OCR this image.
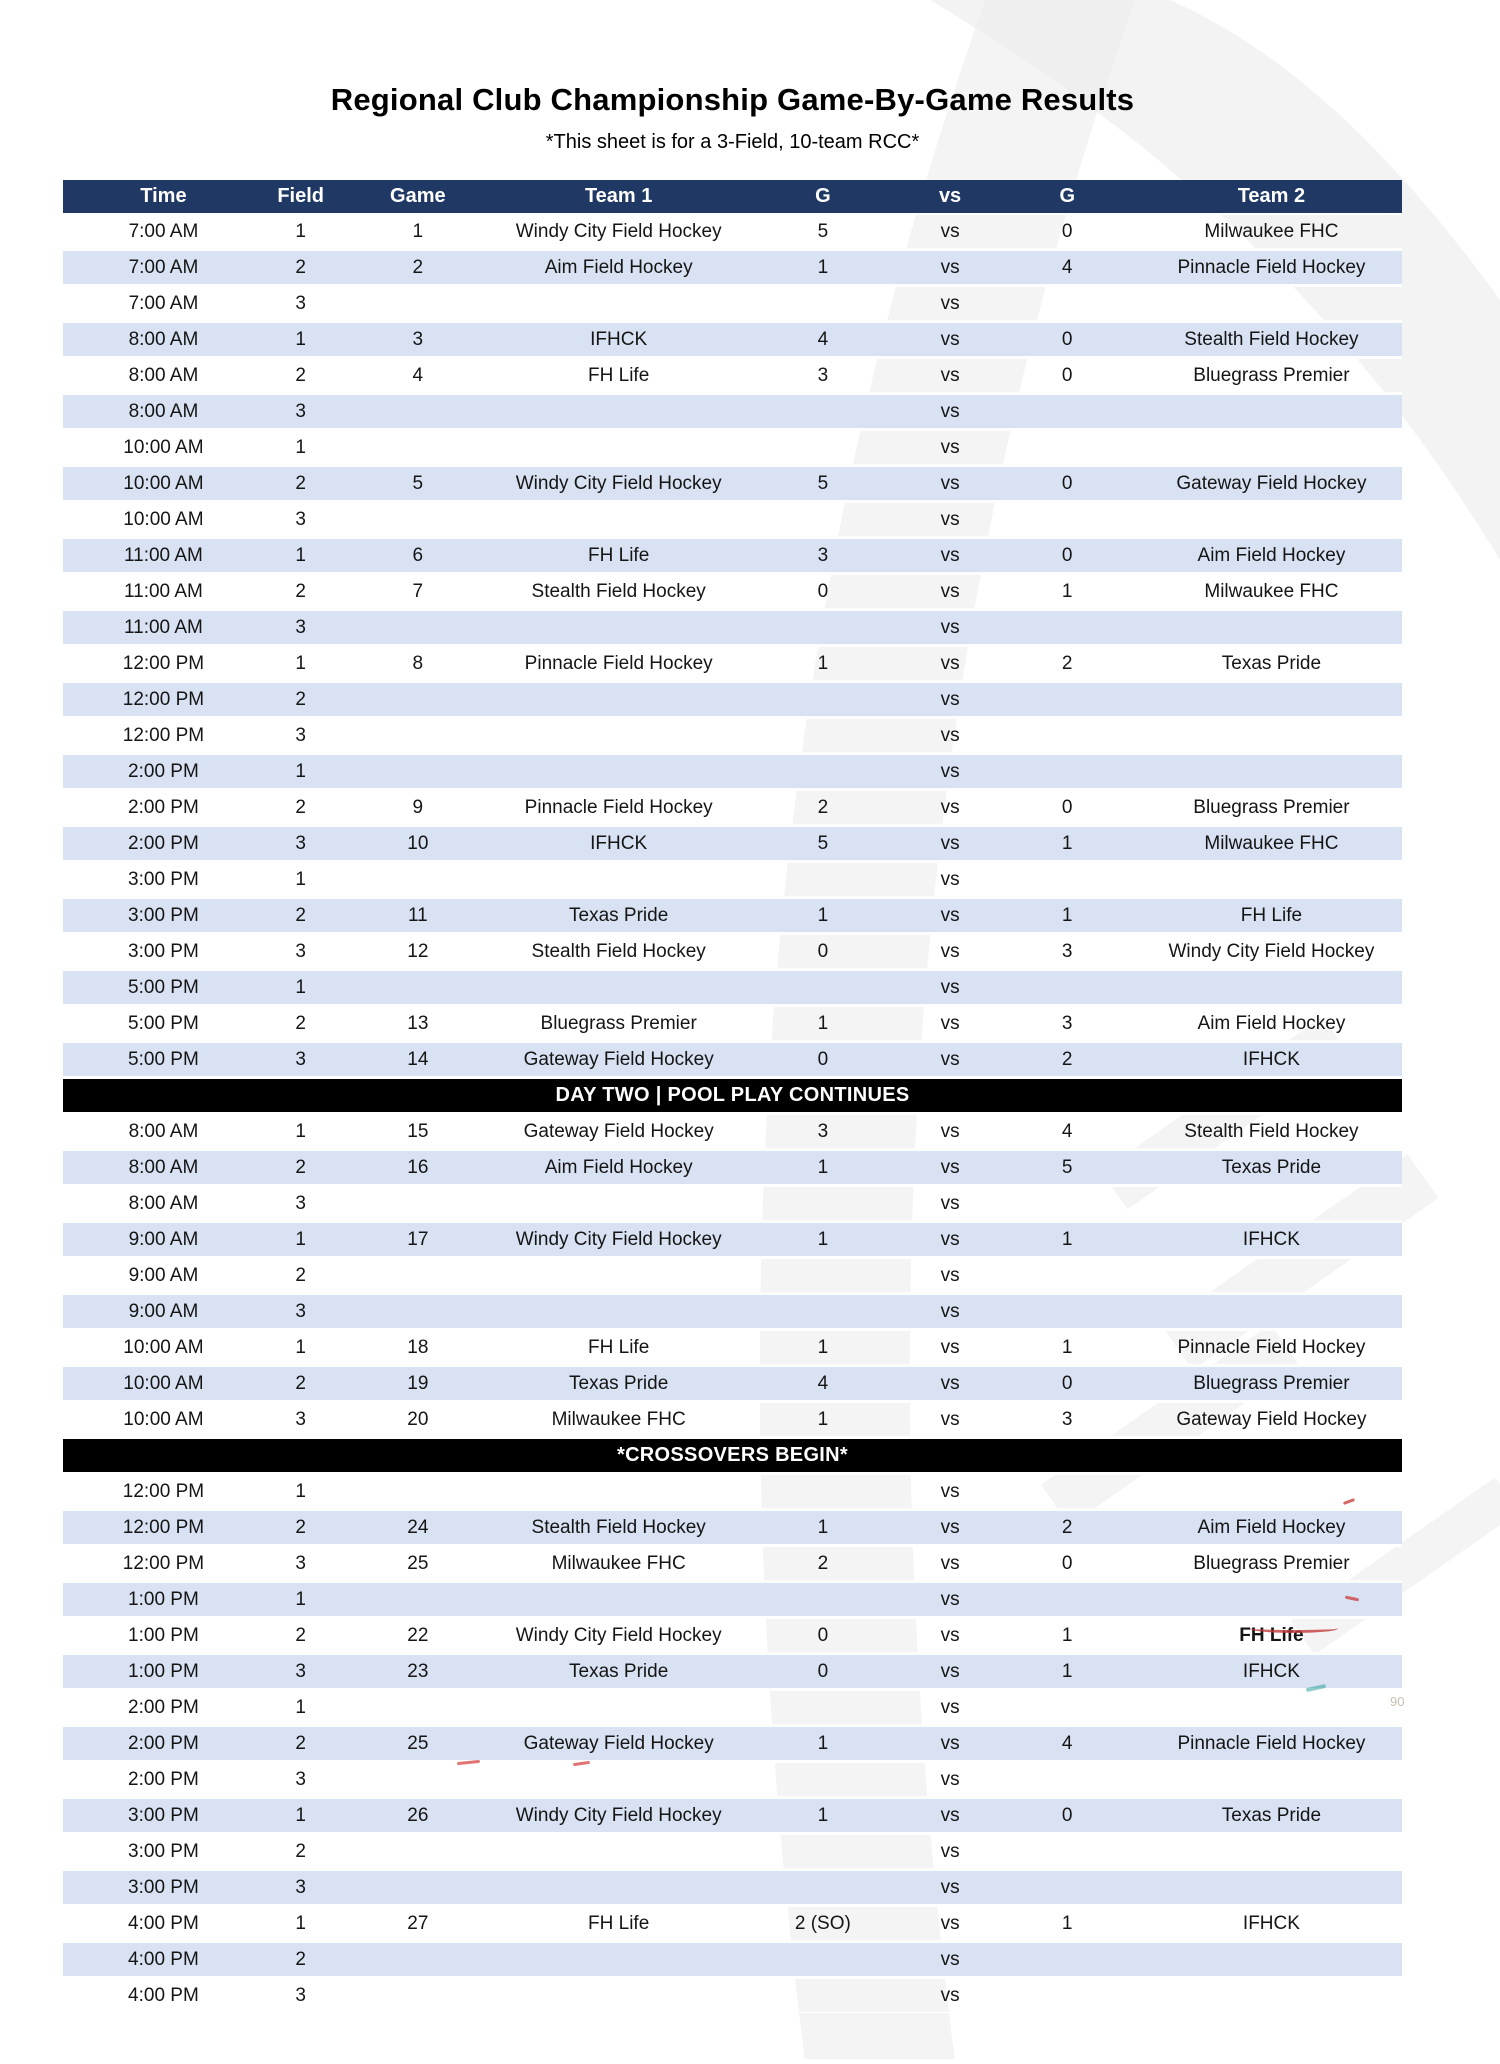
Regional Club Championship Game-By-Game Results
*This sheet is for a 3-Field, 10-team RCC*
Time	Field	Game	Team 1	G	vs	G	Team 2
7:00 AM	1	1	Windy City Field Hockey	5	vs	0	Milwaukee FHC
7:00 AM	2	2	Aim Field Hockey	1	vs	4	Pinnacle Field Hockey
7:00 AM	3				vs		
8:00 AM	1	3	IFHCK	4	vs	0	Stealth Field Hockey
8:00 AM	2	4	FH Life	3	vs	0	Bluegrass Premier
8:00 AM	3				vs		
10:00 AM	1				vs		
10:00 AM	2	5	Windy City Field Hockey	5	vs	0	Gateway Field Hockey
10:00 AM	3				vs		
11:00 AM	1	6	FH Life	3	vs	0	Aim Field Hockey
11:00 AM	2	7	Stealth Field Hockey	0	vs	1	Milwaukee FHC
11:00 AM	3				vs		
12:00 PM	1	8	Pinnacle Field Hockey	1	vs	2	Texas Pride
12:00 PM	2				vs		
12:00 PM	3				vs		
2:00 PM	1				vs		
2:00 PM	2	9	Pinnacle Field Hockey	2	vs	0	Bluegrass Premier
2:00 PM	3	10	IFHCK	5	vs	1	Milwaukee FHC
3:00 PM	1				vs		
3:00 PM	2	11	Texas Pride	1	vs	1	FH Life
3:00 PM	3	12	Stealth Field Hockey	0	vs	3	Windy City Field Hockey
5:00 PM	1				vs		
5:00 PM	2	13	Bluegrass Premier	1	vs	3	Aim Field Hockey
5:00 PM	3	14	Gateway Field Hockey	0	vs	2	IFHCK
DAY TWO | POOL PLAY CONTINUES							
8:00 AM	1	15	Gateway Field Hockey	3	vs	4	Stealth Field Hockey
8:00 AM	2	16	Aim Field Hockey	1	vs	5	Texas Pride
8:00 AM	3				vs		
9:00 AM	1	17	Windy City Field Hockey	1	vs	1	IFHCK
9:00 AM	2				vs		
9:00 AM	3				vs		
10:00 AM	1	18	FH Life	1	vs	1	Pinnacle Field Hockey
10:00 AM	2	19	Texas Pride	4	vs	0	Bluegrass Premier
10:00 AM	3	20	Milwaukee FHC	1	vs	3	Gateway Field Hockey
*CROSSOVERS BEGIN*							
12:00 PM	1				vs		
12:00 PM	2	24	Stealth Field Hockey	1	vs	2	Aim Field Hockey
12:00 PM	3	25	Milwaukee FHC	2	vs	0	Bluegrass Premier
1:00 PM	1				vs		
1:00 PM	2	22	Windy City Field Hockey	0	vs	1	FH Life
1:00 PM	3	23	Texas Pride	0	vs	1	IFHCK
2:00 PM	1				vs		
2:00 PM	2	25	Gateway Field Hockey	1	vs	4	Pinnacle Field Hockey
2:00 PM	3				vs		
3:00 PM	1	26	Windy City Field Hockey	1	vs	0	Texas Pride
3:00 PM	2				vs		
3:00 PM	3				vs		
4:00 PM	1	27	FH Life	2 (SO)	vs	1	IFHCK
4:00 PM	2				vs		
4:00 PM	3				vs		
90
